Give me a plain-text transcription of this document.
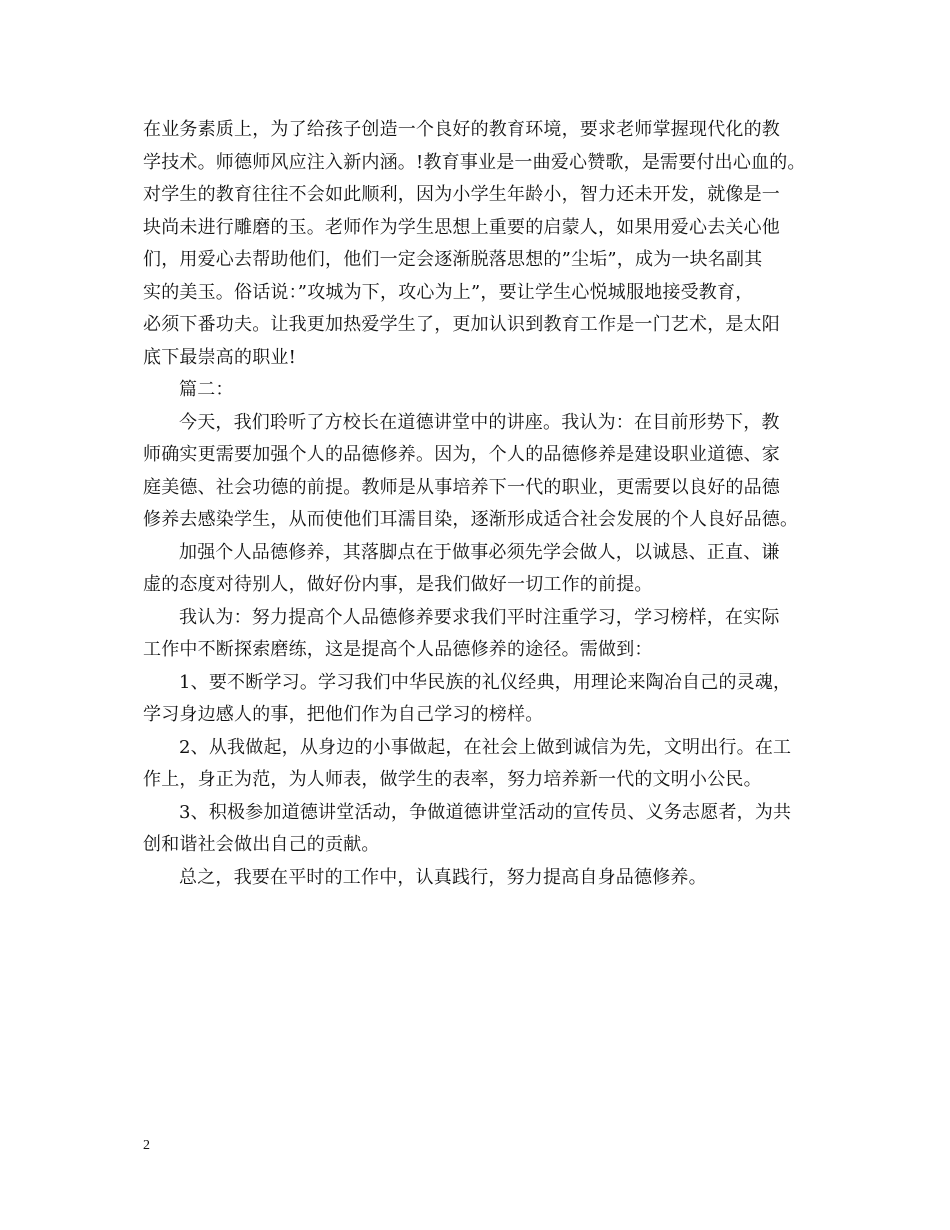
在业务素质上，为了给孩子创造一个良好的教育环境，要求老师掌握现代化的教
学技术。师德师风应注入新内涵。!教育事业是一曲爱心赞歌，是需要付出心血的。
对学生的教育往往不会如此顺利，因为小学生年龄小，智力还未开发，就像是一
块尚未进行雕磨的玉。老师作为学生思想上重要的启蒙人，如果用爱心去关心他
们，用爱心去帮助他们，他们一定会逐渐脱落思想的”尘垢”，成为一块名副其
实的美玉。俗话说：”攻城为下，攻心为上”，要让学生心悦城服地接受教育，
必须下番功夫。让我更加热爱学生了，更加认识到教育工作是一门艺术，是太阳
底下最崇高的职业!
篇二：
今天，我们聆听了方校长在道德讲堂中的讲座。我认为：在目前形势下，教
师确实更需要加强个人的品德修养。因为，个人的品德修养是建设职业道德、家
庭美德、社会功德的前提。教师是从事培养下一代的职业，更需要以良好的品德
修养去感染学生，从而使他们耳濡目染，逐渐形成适合社会发展的个人良好品德。
加强个人品德修养，其落脚点在于做事必须先学会做人，以诚恳、正直、谦
虚的态度对待别人，做好份内事，是我们做好一切工作的前提。
我认为：努力提高个人品德修养要求我们平时注重学习，学习榜样，在实际
工作中不断探索磨练，这是提高个人品德修养的途径。需做到：
1、要不断学习。学习我们中华民族的礼仪经典，用理论来陶冶自己的灵魂，
学习身边感人的事，把他们作为自己学习的榜样。
2、从我做起，从身边的小事做起，在社会上做到诚信为先，文明出行。在工
作上，身正为范，为人师表，做学生的表率，努力培养新一代的文明小公民。
3、积极参加道德讲堂活动，争做道德讲堂活动的宣传员、义务志愿者，为共
创和谐社会做出自己的贡献。
总之，我要在平时的工作中，认真践行，努力提高自身品德修养。
2
